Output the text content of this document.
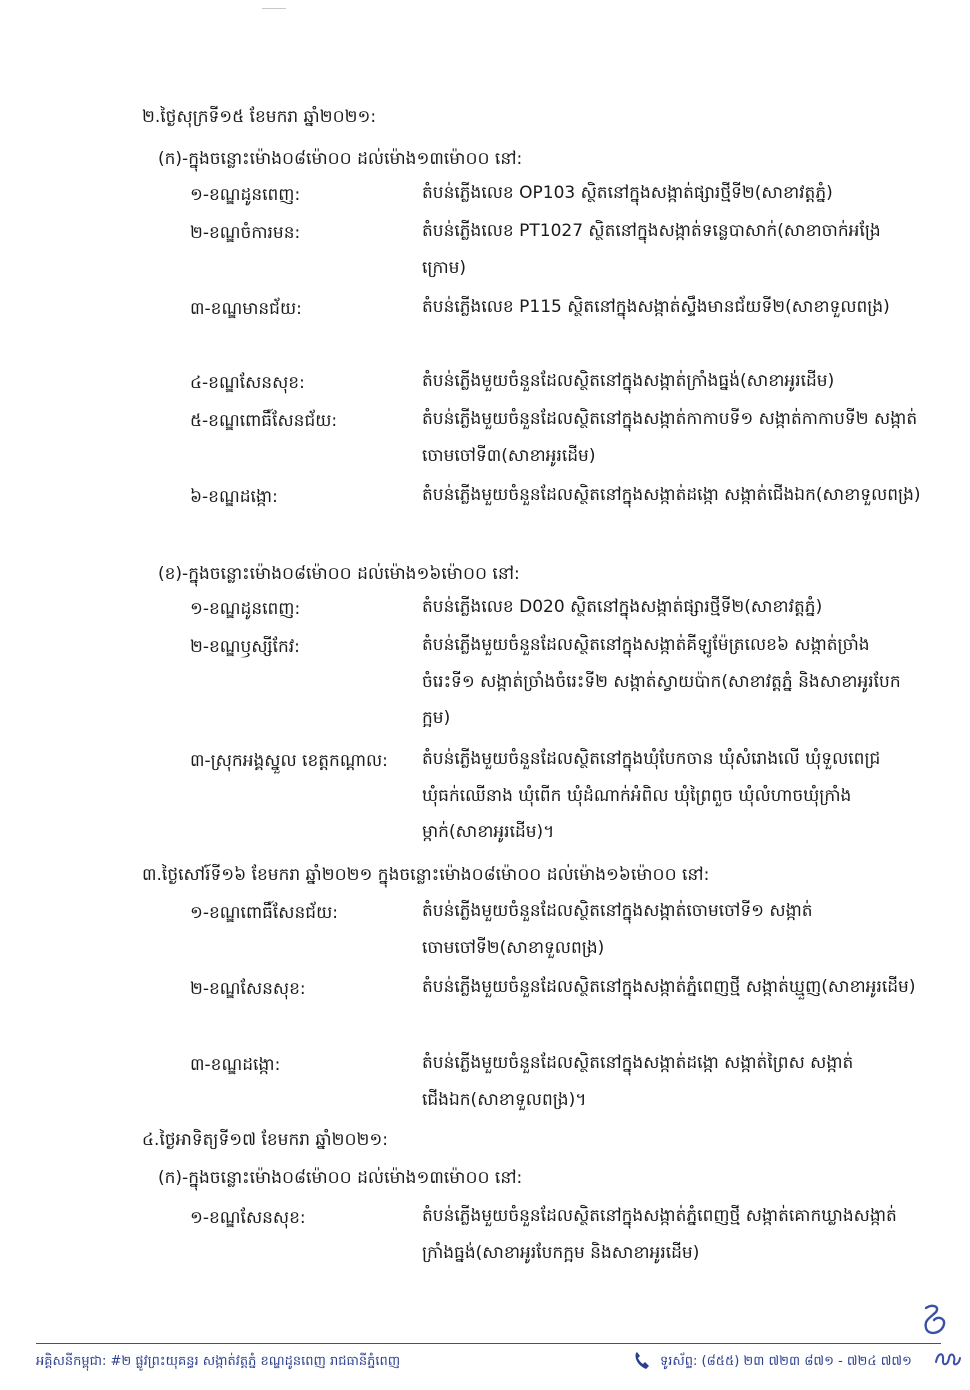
២.ថ្ងៃសុក្រទី១៥ ខែមករា ឆ្នាំ២០២១:
(ក)-ក្នុងចន្លោះម៉ោង០៨ម៉ោ០០ ដល់ម៉ោង១៣ម៉ោ០០ នៅ:
១-ខណ្ឌដូនពេញ:	តំបន់ភ្លើងលេខ OP103 ស្ថិតនៅក្នុងសង្កាត់ផ្សារថ្មីទី២(សាខាវត្តភ្នំ)
២-ខណ្ឌចំការមន:	តំបន់ភ្លើងលេខ PT1027 ស្ថិតនៅក្នុងសង្កាត់ទន្លេបាសាក់(សាខាចាក់អង្រែក្រោម)
៣-ខណ្ឌមានជ័យ:	តំបន់ភ្លើងលេខ P115 ស្ថិតនៅក្នុងសង្កាត់ស្ទឹងមានជ័យទី២(សាខាទួលពង្រ)
៤-ខណ្ឌសែនសុខ:	តំបន់ភ្លើងមួយចំនួនដែលស្ថិតនៅក្នុងសង្កាត់ក្រាំងធ្នង់(សាខាអូរដើម)
៥-ខណ្ឌពោធិ៍សែនជ័យ:	តំបន់ភ្លើងមួយចំនួនដែលស្ថិតនៅក្នុងសង្កាត់កាកាបទី១ សង្កាត់កាកាបទី២ សង្កាត់ចោមចៅទី៣(សាខាអូរដើម)
៦-ខណ្ឌដង្កោ:	តំបន់ភ្លើងមួយចំនួនដែលស្ថិតនៅក្នុងសង្កាត់ដង្កោ សង្កាត់ជើងឯក(សាខាទួលពង្រ)
(ខ)-ក្នុងចន្លោះម៉ោង០៨ម៉ោ០០ ដល់ម៉ោង១៦ម៉ោ០០ នៅ:
១-ខណ្ឌដូនពេញ:	តំបន់ភ្លើងលេខ D020 ស្ថិតនៅក្នុងសង្កាត់ផ្សារថ្មីទី២(សាខាវត្តភ្នំ)
២-ខណ្ឌឫស្សីកែវ:	តំបន់ភ្លើងមួយចំនួនដែលស្ថិតនៅក្នុងសង្កាត់គីឡូម៉ែត្រលេខ៦ សង្កាត់ច្រាំងចំរេះទី១ សង្កាត់ច្រាំងចំរេះទី២ សង្កាត់ស្វាយប៉ាក(សាខាវត្តភ្នំ និងសាខាអូរបែកក្អម)
៣-ស្រុកអង្គស្នួល ខេត្តកណ្តាល: តំបន់ភ្លើងមួយចំនួនដែលស្ថិតនៅក្នុងឃុំបែកចាន ឃុំសំរោងលើ ឃុំទួលពេជ្រ ឃុំធក់ឈើនាង ឃុំពើក ឃុំដំណាក់អំពិល ឃុំព្រៃពួច ឃុំលំហាចឃុំក្រាំងម្កាក់(សាខាអូរដើម)។
៣.ថ្ងៃសៅរ៍ទី១៦ ខែមករា ឆ្នាំ២០២១ ក្នុងចន្លោះម៉ោង០៨ម៉ោ០០ ដល់ម៉ោង១៦ម៉ោ០០ នៅ:
១-ខណ្ឌពោធិ៍សែនជ័យ:	តំបន់ភ្លើងមួយចំនួនដែលស្ថិតនៅក្នុងសង្កាត់ចោមចៅទី១ សង្កាត់ចោមចៅទី២(សាខាទួលពង្រ)
២-ខណ្ឌសែនសុខ:	តំបន់ភ្លើងមួយចំនួនដែលស្ថិតនៅក្នុងសង្កាត់ភ្នំពេញថ្មី សង្កាត់ឃ្មួញ(សាខាអូរដើម)
៣-ខណ្ឌដង្កោ:	តំបន់ភ្លើងមួយចំនួនដែលស្ថិតនៅក្នុងសង្កាត់ដង្កោ សង្កាត់ព្រៃស សង្កាត់ជើងឯក(សាខាទួលពង្រ)។
៤.ថ្ងៃអាទិត្យទី១៧ ខែមករា ឆ្នាំ២០២១:
(ក)-ក្នុងចន្លោះម៉ោង០៨ម៉ោ០០ ដល់ម៉ោង១៣ម៉ោ០០ នៅ:
១-ខណ្ឌសែនសុខ:	តំបន់ភ្លើងមួយចំនួនដែលស្ថិតនៅក្នុងសង្កាត់ភ្នំពេញថ្មី សង្កាត់គោកឃ្លាងសង្កាត់ក្រាំងធ្នង់(សាខាអូរបែកក្អម និងសាខាអូរដើម)
អគ្គិសនីកម្ពុជា: #២ ផ្លូវព្រះយុគន្ធរ សង្កាត់វត្តភ្នំ ខណ្ឌដូនពេញ រាជធានីភ្នំពេញ	ទូរស័ព្ទ: (៨៥៥) ២៣ ៧២៣ ៨៧១ - ៧២៤ ៧៧១
